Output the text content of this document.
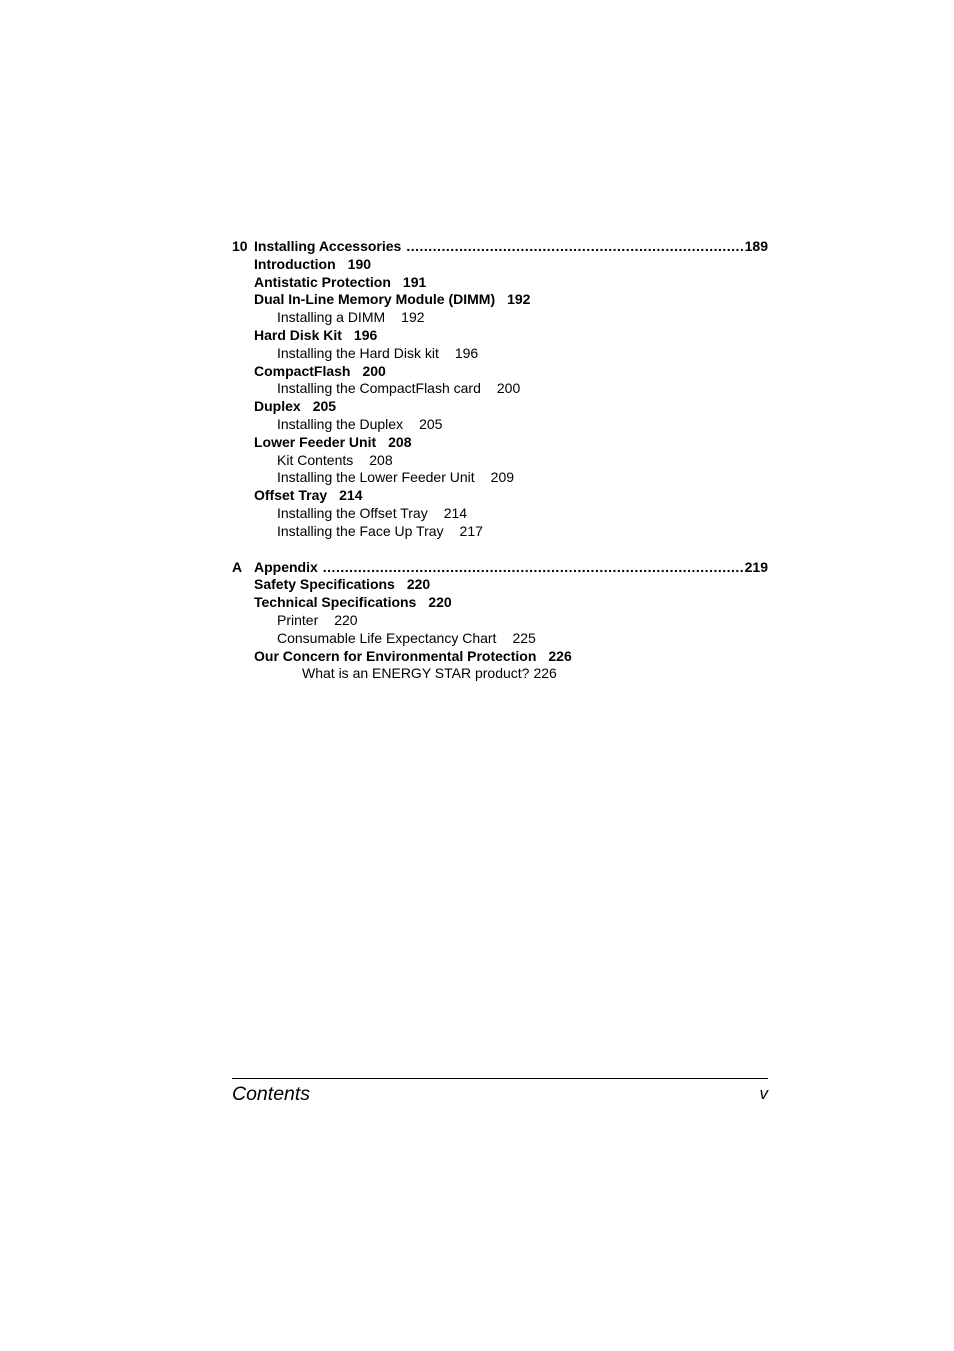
10 Installing Accessories .....	189
Introduction 190
Antistatic Protection 191
Dual In-Line Memory Module (DIMM) 192
Installing a DIMM 192
Hard Disk Kit 196
Installing the Hard Disk kit 196
CompactFlash 200
Installing the CompactFlash card 200
Duplex 205
Installing the Duplex 205
Lower Feeder Unit 208
Kit Contents 208
Installing the Lower Feeder Unit 209
Offset Tray 214
Installing the Offset Tray 214
Installing the Face Up Tray 217
A Appendix .....	219
Safety Specifications 220
Technical Specifications 220
Printer 220
Consumable Life Expectancy Chart 225
Our Concern for Environmental Protection 226
What is an ENERGY STAR product? 226
Contents	v
